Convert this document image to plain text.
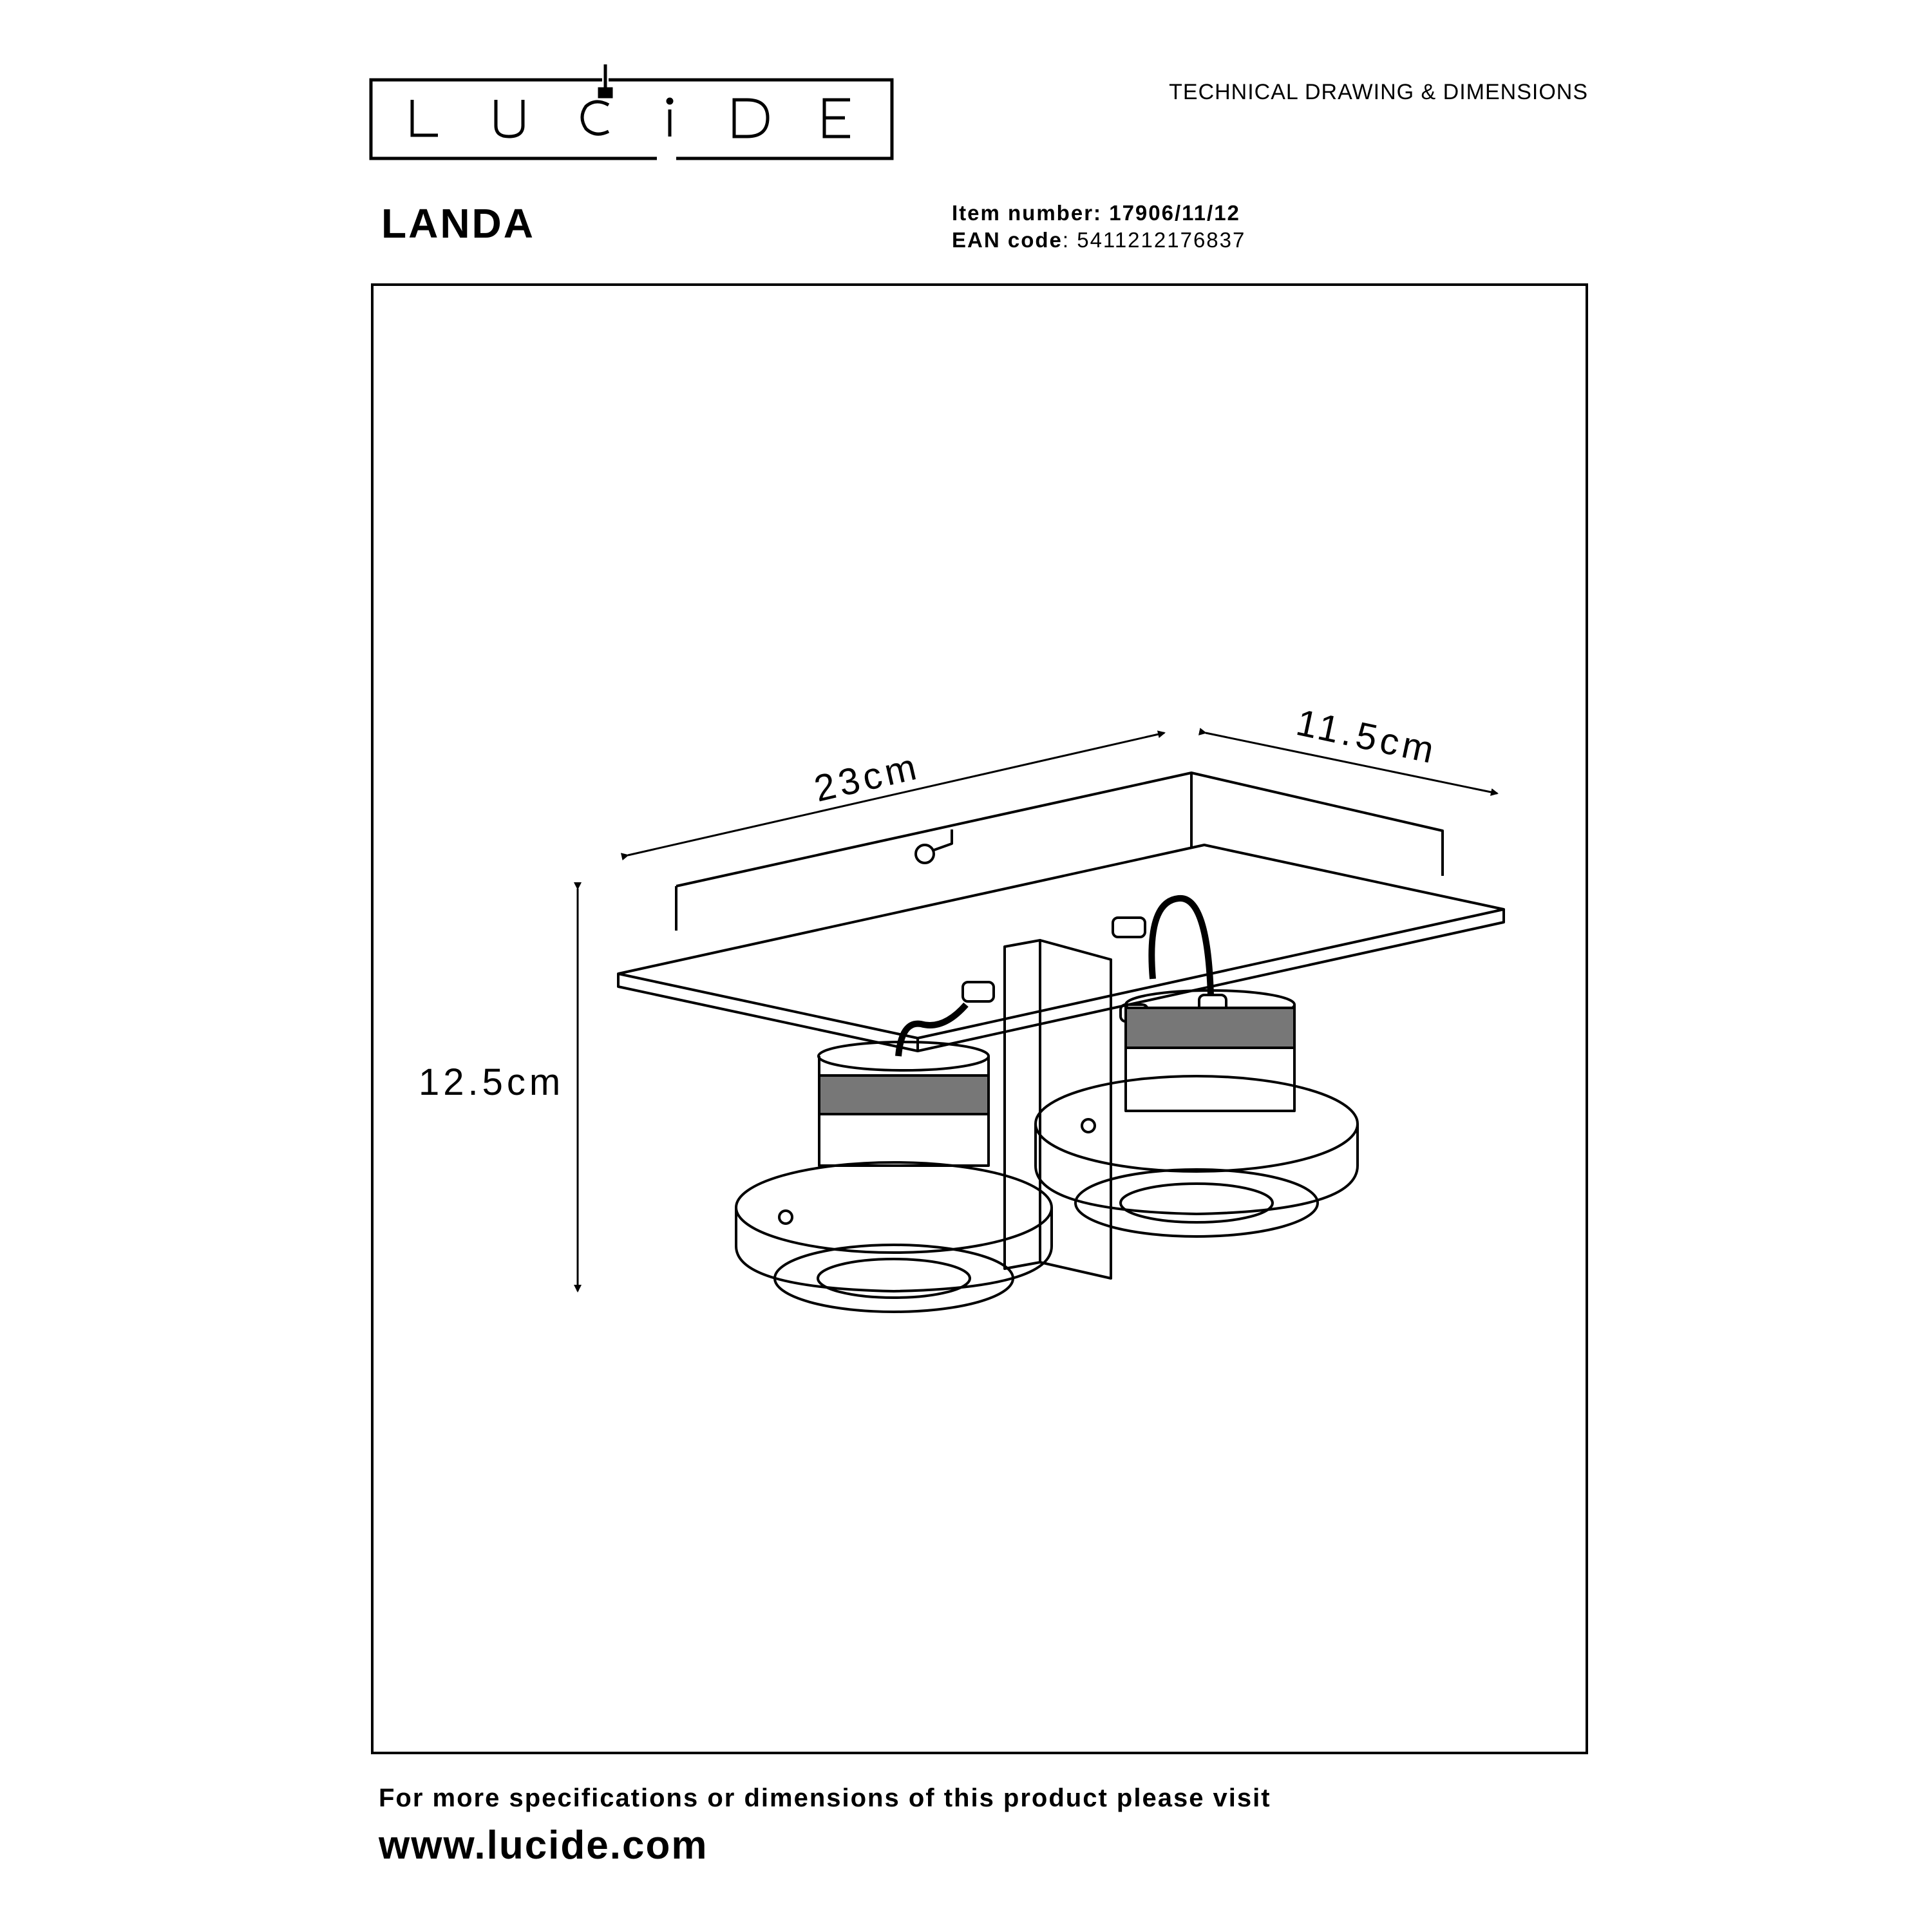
TECHNICAL DRAWING & DIMENSIONS
LANDA	Item number: 17906/11/12
EAN code: 5411212176837
23cm
11.5cm
12.5cm
For more specifications or dimensions of this product please visit
www.lucide.com
